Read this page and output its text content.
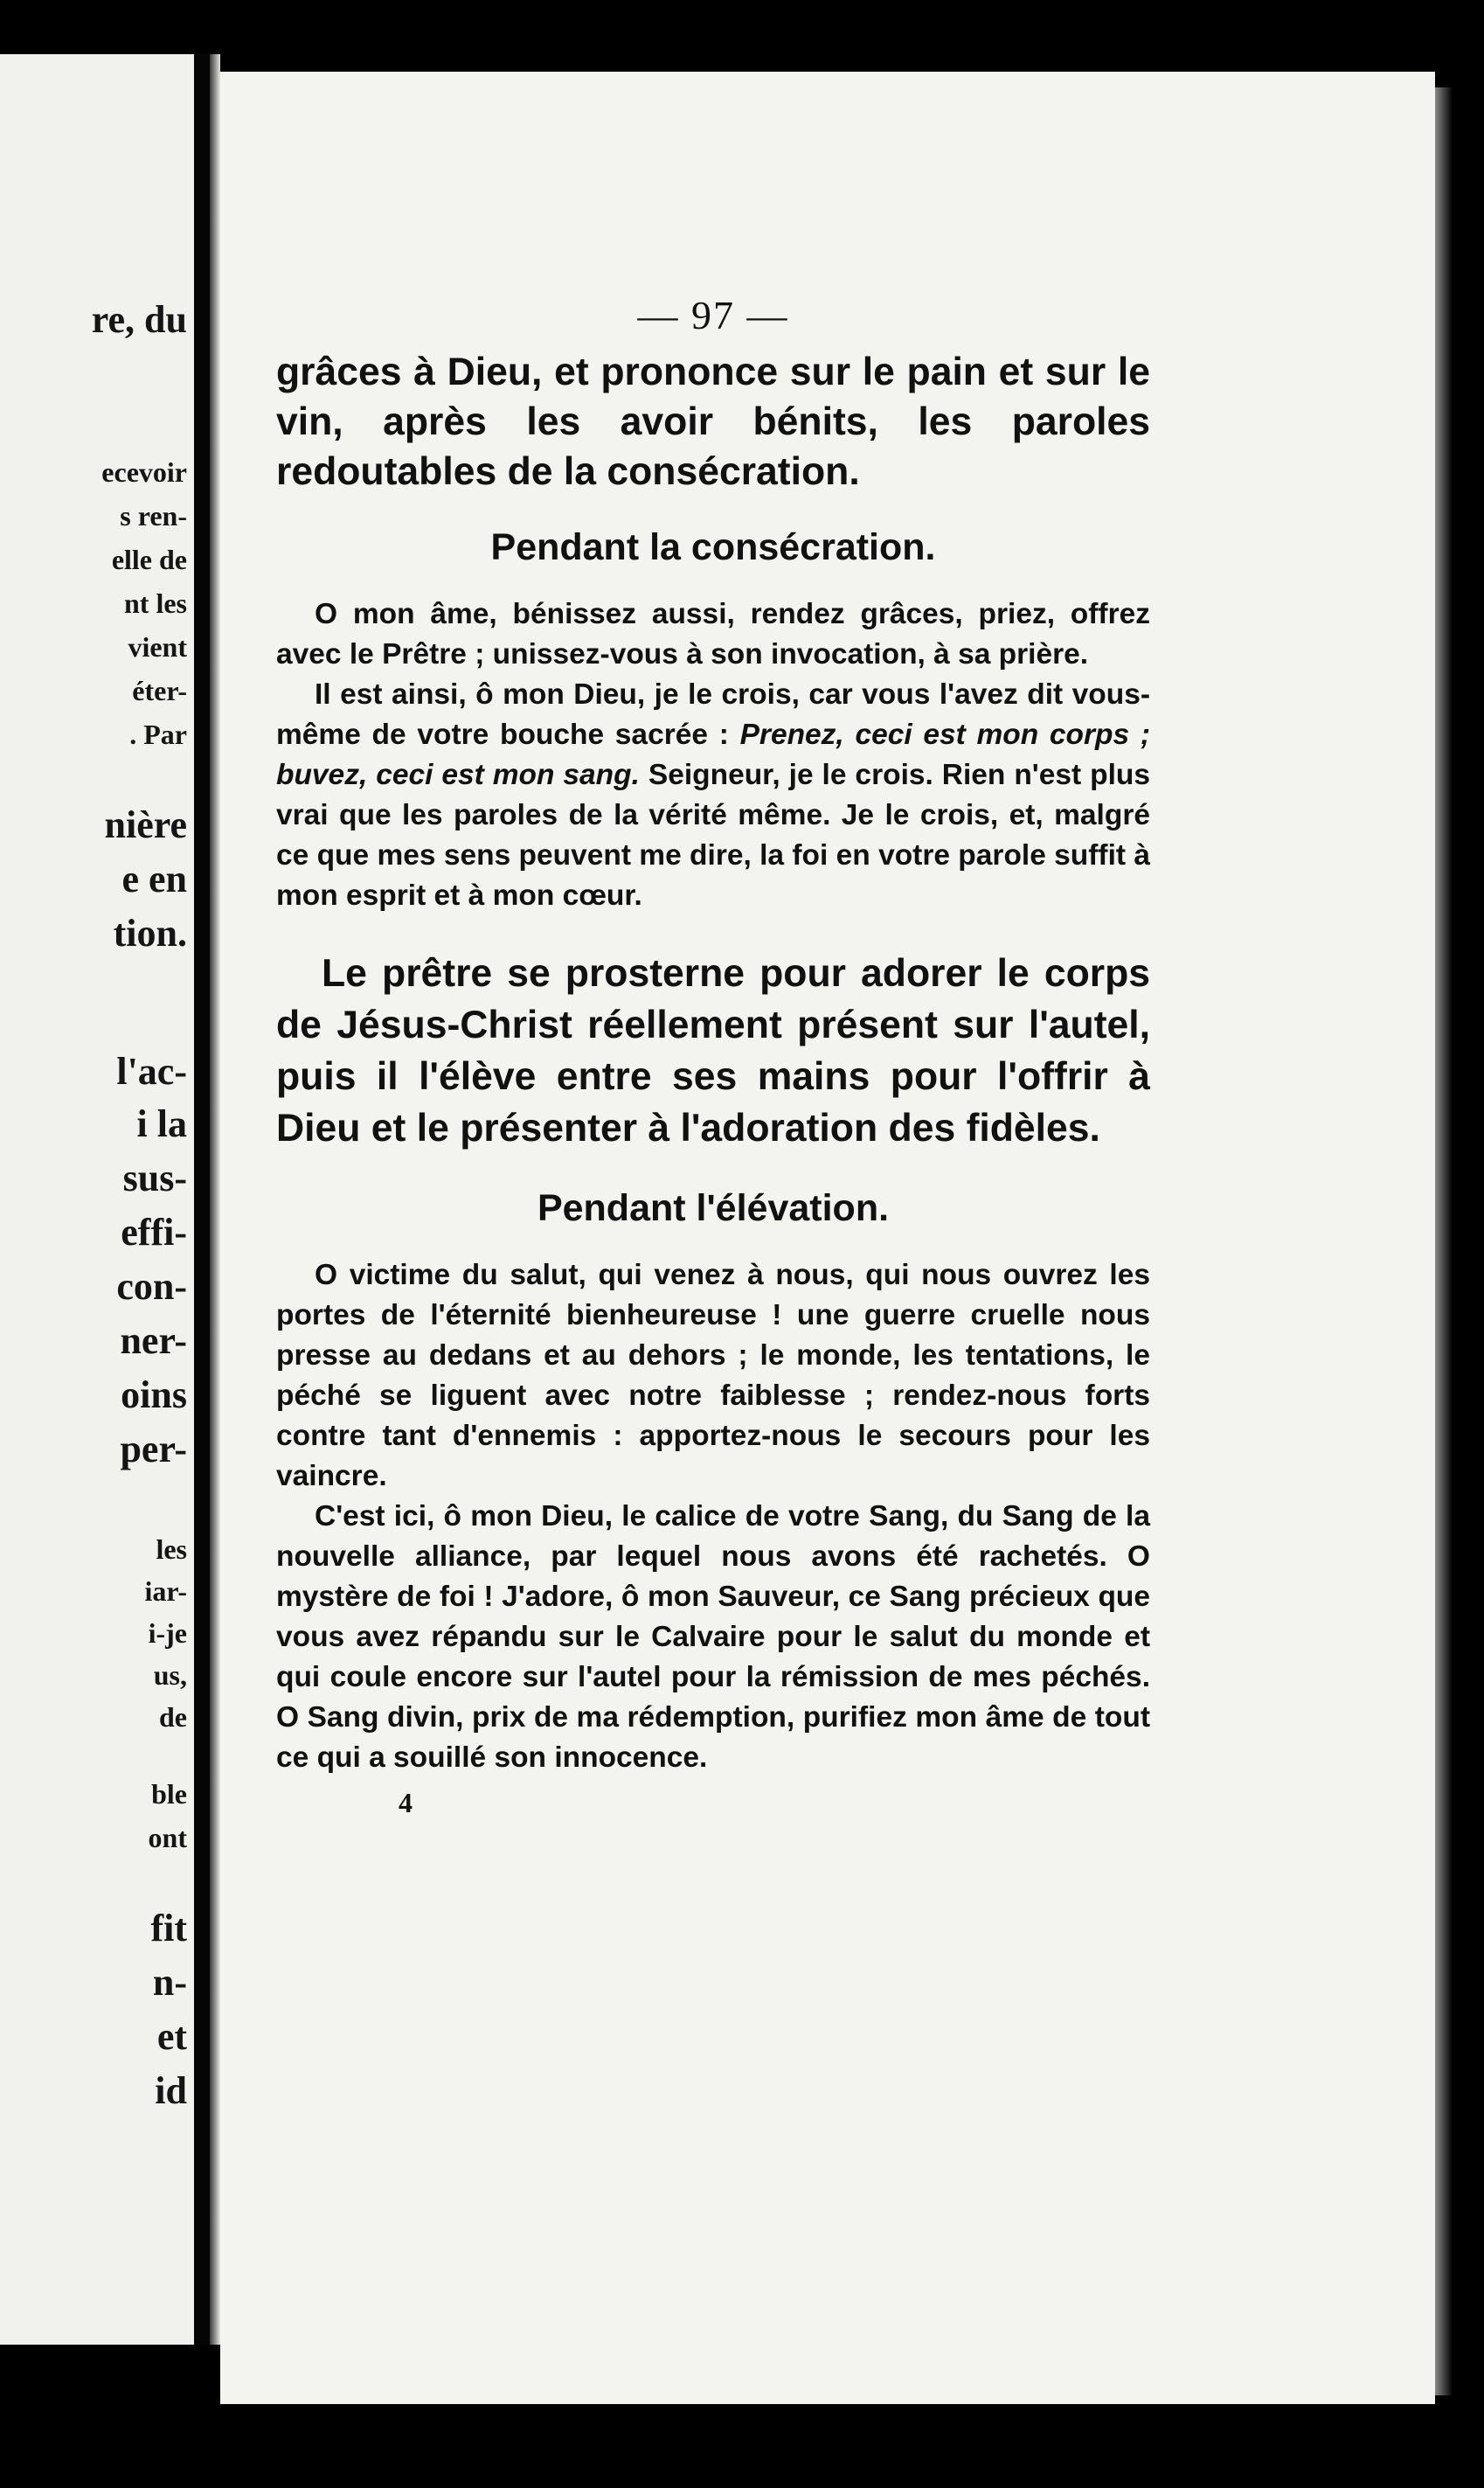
re, du
ecevoir
s ren-
elle de
nt les
vient
éter-
. Par
nière
e en
tion.
l'ac-
i la
sus-
effi-
con-
ner-
oins
per-
les
iar-
i-je
us,
de
ble
ont
fit
n-
et
id
— 97 —

grâces à Dieu, et prononce sur le pain et sur le vin, après les avoir bénits, les paroles redoutables de la consécration.

Pendant la consécration.

O mon âme, bénissez aussi, rendez grâces, priez, offrez avec le Prêtre ; unissez-vous à son invocation, à sa prière.

Il est ainsi, ô mon Dieu, je le crois, car vous l'avez dit vous-même de votre bouche sacrée : Prenez, ceci est mon corps ; buvez, ceci est mon sang. Seigneur, je le crois. Rien n'est plus vrai que les paroles de la vérité même. Je le crois, et, malgré ce que mes sens peuvent me dire, la foi en votre parole suffit à mon esprit et à mon cœur.

Le prêtre se prosterne pour adorer le corps de Jésus-Christ réellement présent sur l'autel, puis il l'élève entre ses mains pour l'offrir à Dieu et le présenter à l'adoration des fidèles.

Pendant l'élévation.

O victime du salut, qui venez à nous, qui nous ouvrez les portes de l'éternité bienheureuse ! une guerre cruelle nous presse au dedans et au dehors ; le monde, les tentations, le péché se liguent avec notre faiblesse ; rendez-nous forts contre tant d'ennemis : apportez-nous le secours pour les vaincre.

C'est ici, ô mon Dieu, le calice de votre Sang, du Sang de la nouvelle alliance, par lequel nous avons été rachetés. O mystère de foi ! J'adore, ô mon Sauveur, ce Sang précieux que vous avez répandu sur le Calvaire pour le salut du monde et qui coule encore sur l'autel pour la rémission de mes péchés. O Sang divin, prix de ma rédemption, purifiez mon âme de tout ce qui a souillé son innocence.

4
